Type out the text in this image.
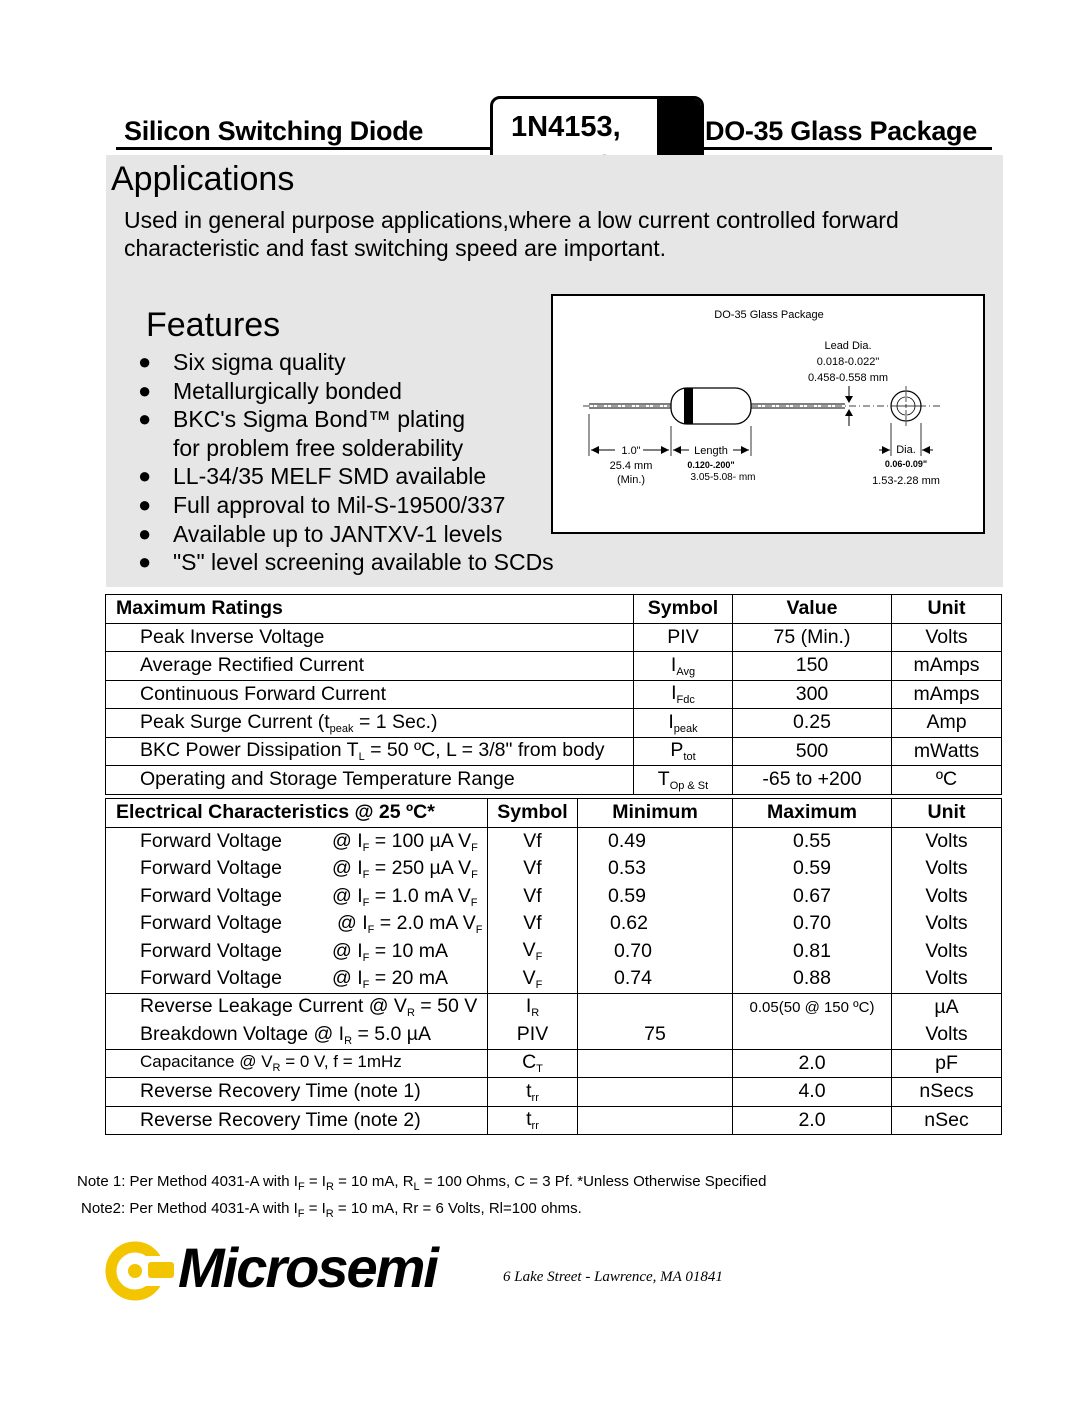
Silicon Switching Diode	1N4153,	DO-35 Glass Package
Applications
Used in general purpose applications,where a low current controlled forward
characteristic and fast switching speed are important.
Features
● Six sigma quality
● Metallurgically bonded
● BKC's Sigma Bond™ plating
for problem free solderability
● LL-34/35 MELF SMD available
● Full approval to Mil-S-19500/337
● Available up to JANTXV-1 levels
● "S" level screening available to SCDs
DO-35 Glass Package
Lead Dia.
0.018-0.022"
0.458-0.558 mm
1.0"
25.4 mm
(Min.)
Length
0.120-.200"
3.05-5.08- mm
Dia.
0.06-0.09"
1.53-2.28 mm
Maximum Ratings	Symbol	Value	Unit
Peak Inverse Voltage	PIV	75 (Min.)	Volts
Average Rectified Current	$I_{Avg}$	150	mAmps
Continuous Forward Current	$I_{Fdc}$	300	mAmps
Peak Surge Current ($t_{peak} = 1$ Sec.)	$I_{peak}$	0.25	Amp
BKC Power Dissipation $T_L = 50$ ºC, L = 3/8" from body	$P_{tot}$	500	mWatts
Operating and Storage Temperature Range	$T_{Op \& St}$	-65 to +200	ºC
Electrical Characteristics @ 25 ºC*	Symbol	Minimum	Maximum	Unit
Forward Voltage @ $I_F = 100$ µA $V_F$	Vf	0.49	0.55	Volts
Forward Voltage @ $I_F = 250$ µA $V_F$	Vf	0.53	0.59	Volts
Forward Voltage @ $I_F = 1.0$ mA $V_F$	Vf	0.59	0.67	Volts
Forward Voltage @ $I_F = 2.0$ mA $V_F$	Vf	0.62	0.70	Volts
Forward Voltage @ $I_F = 10$ mA	$V_F$	0.70	0.81	Volts
Forward Voltage @ $I_F = 20$ mA	$V_F$	0.74	0.88	Volts
Reverse Leakage Current @ $V_R = 50$ V	$I_R$		0.05(50 @ 150 ºC)	µA
Breakdown Voltage @ $I_R = 5.0$ µA	PIV	75		Volts
Capacitance @ $V_R = 0$ V, f = 1mHz	$C_T$		2.0	pF
Reverse Recovery Time (note 1)	$t_{rr}$		4.0	nSecs
Reverse Recovery Time (note 2)	$t_{rr}$		2.0	nSec
Note 1: Per Method 4031-A with $I_F = I_R = 10$ mA, $R_L = 100$ Ohms, C = 3 Pf. *Unless Otherwise Specified
Note2: Per Method 4031-A with $I_F = I_R = 10$ mA, Rr = 6 Volts, Rl=100 ohms.
Microsemi	6 Lake Street - Lawrence, MA 01841
